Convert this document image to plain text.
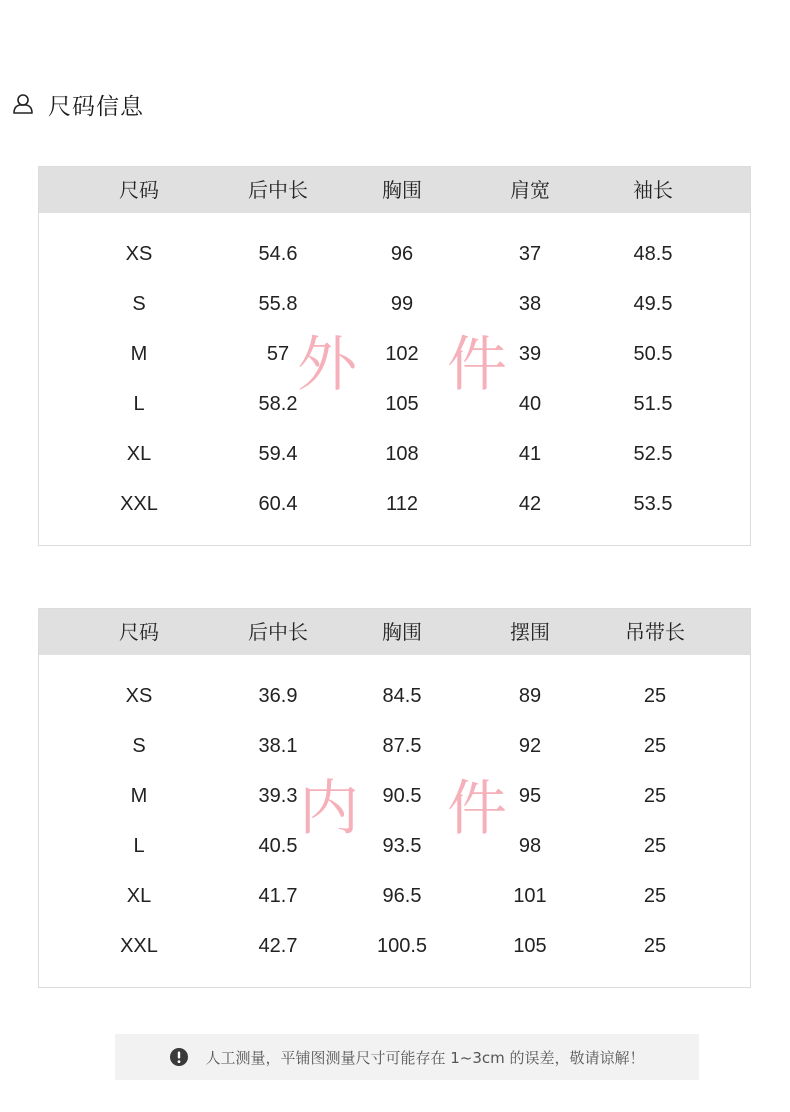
尺码信息
尺码	后中长	胸围	肩宽	袖长
XS	54.6	96	37	48.5
S	55.8	99	38	49.5
M	57	102	39	50.5
L	58.2	105	40	51.5
XL	59.4	108	41	52.5
XXL	60.4	112	42	53.5
外 件
尺码	后中长	胸围	摆围	吊带长
XS	36.9	84.5	89	25
S	38.1	87.5	92	25
M	39.3	90.5	95	25
L	40.5	93.5	98	25
XL	41.7	96.5	101	25
XXL	42.7	100.5	105	25
内 件
人工测量，平铺图测量尺寸可能存在 1~3cm 的误差，敬请谅解！
